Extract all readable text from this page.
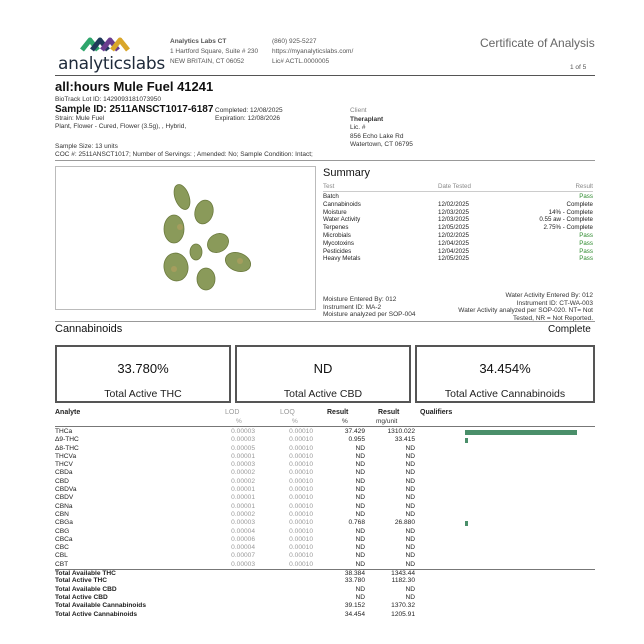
analyticslabs
Analytics Labs CT
1 Hartford Square, Suite # 230
NEW BRITAIN, CT 06052
(860) 925-5227
https://myanalyticslabs.com/
Lic# ACTL.0000005
Certificate of Analysis
1 of 5
all:hours Mule Fuel 41241
BioTrack Lot ID: 1429093181073950
Sample ID: 2511ANSCT1017-6187
Strain: Mule Fuel
Plant, Flower - Cured, Flower (3.5g), , Hybrid,
Completed: 12/08/2025
Expiration: 12/08/2026
Sample Size: 13 units
COC #: 2511ANSCT1017; Number of Servings: ; Amended: No; Sample Condition: Intact;
Client
Theraplant
Lic. #
856 Echo Lake Rd
Watertown, CT 06795
Summary
Test	Date Tested	Result
Batch	Pass
Cannabinoids	12/02/2025	Complete
Moisture	12/03/2025	14% - Complete
Water Activity	12/03/2025	0.55 aw - Complete
Terpenes	12/05/2025	2.75% - Complete
Microbials	12/02/2025	Pass
Mycotoxins	12/04/2025	Pass
Pesticides	12/04/2025	Pass
Heavy Metals	12/05/2025	Pass
Moisture Entered By: 012
Instrument ID: MA-2
Moisture analyzed per SOP-004
Water Activity Entered By: 012
Instrument ID: CT-WA-003
Water Activity analyzed per SOP-020. NT= Not
Tested, NR = Not Reported.
Cannabinoids	Complete
33.780%
Total Active THC
ND
Total Active CBD
34.454%
Total Active Cannabinoids
Analyte	LOD	LOQ	Result	Result	Qualifiers
%	%	%	mg/unit
THCa	0.00003	0.00010	37.429	1310.022
Δ9-THC	0.00003	0.00010	0.955	33.415
Δ8-THC	0.00005	0.00010	ND	ND
THCVa	0.00001	0.00010	ND	ND
THCV	0.00003	0.00010	ND	ND
CBDa	0.00002	0.00010	ND	ND
CBD	0.00002	0.00010	ND	ND
CBDVa	0.00001	0.00010	ND	ND
CBDV	0.00001	0.00010	ND	ND
CBNa	0.00001	0.00010	ND	ND
CBN	0.00002	0.00010	ND	ND
CBGa	0.00003	0.00010	0.768	26.880
CBG	0.00004	0.00010	ND	ND
CBCa	0.00006	0.00010	ND	ND
CBC	0.00004	0.00010	ND	ND
CBL	0.00007	0.00010	ND	ND
CBT	0.00003	0.00010	ND	ND
Total Available THC	38.384	1343.44
Total Active THC	33.780	1182.30
Total Available CBD	ND	ND
Total Active CBD	ND	ND
Total Available Cannabinoids	39.152	1370.32
Total Active Cannabinoids	34.454	1205.91
